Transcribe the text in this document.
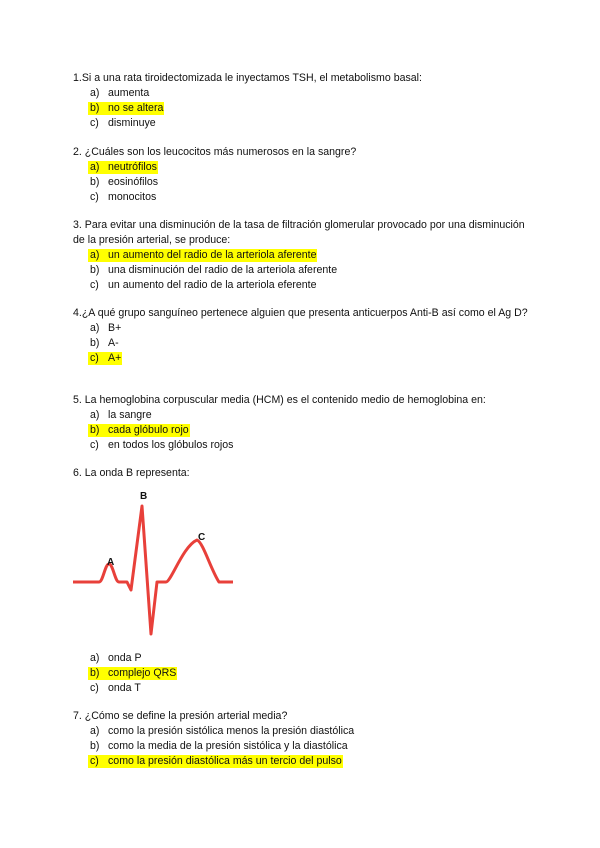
1.Si a una rata tiroidectomizada le inyectamos TSH, el metabolismo basal:
a) aumenta
b) no se altera
c) disminuye
2. ¿Cuáles son los leucocitos más numerosos en la sangre?
a) neutrófilos
b) eosinófilos
c) monocitos
3. Para evitar una disminución de la tasa de filtración glomerular provocado por una disminución de la presión arterial, se produce:
a) un aumento del radio de la arteriola aferente
b) una disminución del radio de la arteriola aferente
c) un aumento del radio de la arteriola eferente
4.¿A qué grupo sanguíneo pertenece alguien que presenta anticuerpos Anti-B así como el Ag D?
a) B+
b) A-
c) A+
5. La hemoglobina corpuscular media (HCM) es el contenido medio de hemoglobina en:
a) la sangre
b) cada glóbulo rojo
c) en todos los glóbulos rojos
6. La onda B representa:
A
B
C
a) onda P
b) complejo QRS
c) onda T
7. ¿Cómo se define la presión arterial media?
a) como la presión sistólica menos la presión diastólica
b) como la media de la presión sistólica y la diastólica
c) como la presión diastólica más un tercio del pulso
